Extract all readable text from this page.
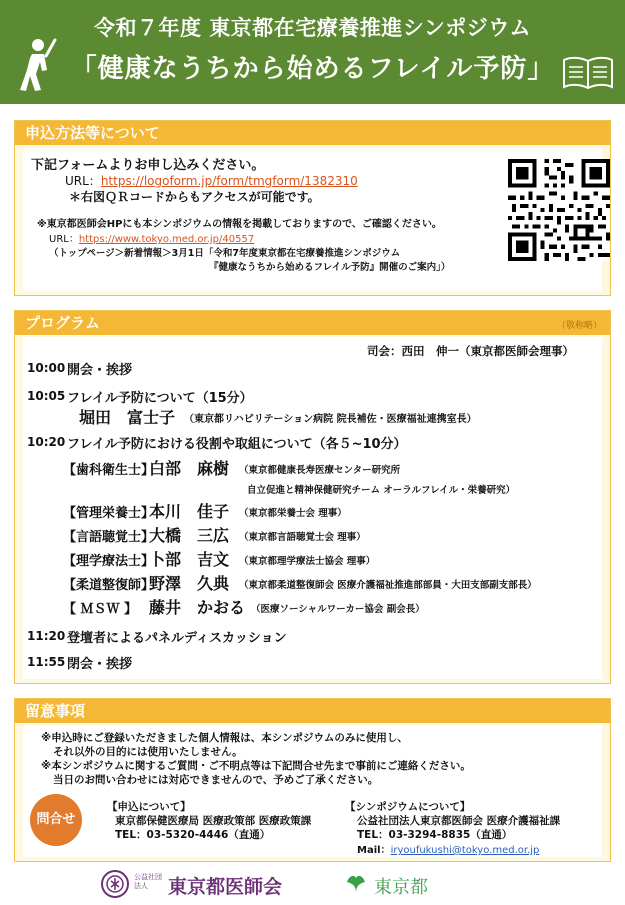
令和７年度 東京都在宅療養推進シンポジウム
「健康なうちから始めるフレイル予防」
申込方法等について
下記フォームよりお申し込みください。
URL：https://logoform.jp/form/tmgform/1382310
＊右図ＱＲコードからもアクセスが可能です。
※東京都医師会HPにも本シンポジウムの情報を掲載しておりますので、ご確認ください。
URL：https://www.tokyo.med.or.jp/40557
（トップページ＞新着情報＞3月1日「令和7年度東京都在宅療養推進シンポジウム
『健康なうちから始めるフレイル予防』開催のご案内」）
プログラム	（敬称略）
司会：西田　伸一（東京都医師会理事）
10:00 開会・挨拶
10:05 フレイル予防について（15分）
堀田　富士子 （東京都リハビリテーション病院 院長補佐・医療福祉連携室長）
10:20 フレイル予防における役割や取組について（各５~10分）
【歯科衛生士】
白部　麻樹 （東京都健康長寿医療センター研究所
自立促進と精神保健研究チーム オーラルフレイル・栄養研究）
【管理栄養士】
本川　佳子 （東京都栄養士会 理事）
【言語聴覚士】
大橋　三広 （東京都言語聴覚士会 理事）
【理学療法士】
卜部　吉文 （東京都理学療法士協会 理事）
【柔道整復師】
野澤　久典 （東京都柔道整復師会 医療介護福祉推進部部員・大田支部副支部長）
【 ＭＳＷ 】 藤井　かおる （医療ソーシャルワーカー協会 副会長）
11:20 登壇者によるパネルディスカッション
11:55 閉会・挨拶
留意事項
※申込時にご登録いただきました個人情報は、本シンポジウムのみに使用し、
それ以外の目的には使用いたしません。
※本シンポジウムに関するご質問・ご不明点等は下記問合せ先まで事前にご連絡ください。
当日のお問い合わせには対応できませんので、予めご了承ください。
問合せ
【申込について】
東京都保健医療局 医療政策部 医療政策課
TEL：03-5320-4446（直通）
【シンポジウムについて】
公益社団法人東京都医師会 医療介護福祉課
TEL：03-3294-8835（直通）
Mail：iryoufukushi@tokyo.med.or.jp
公益社団法人	東京都医師会	東京都
